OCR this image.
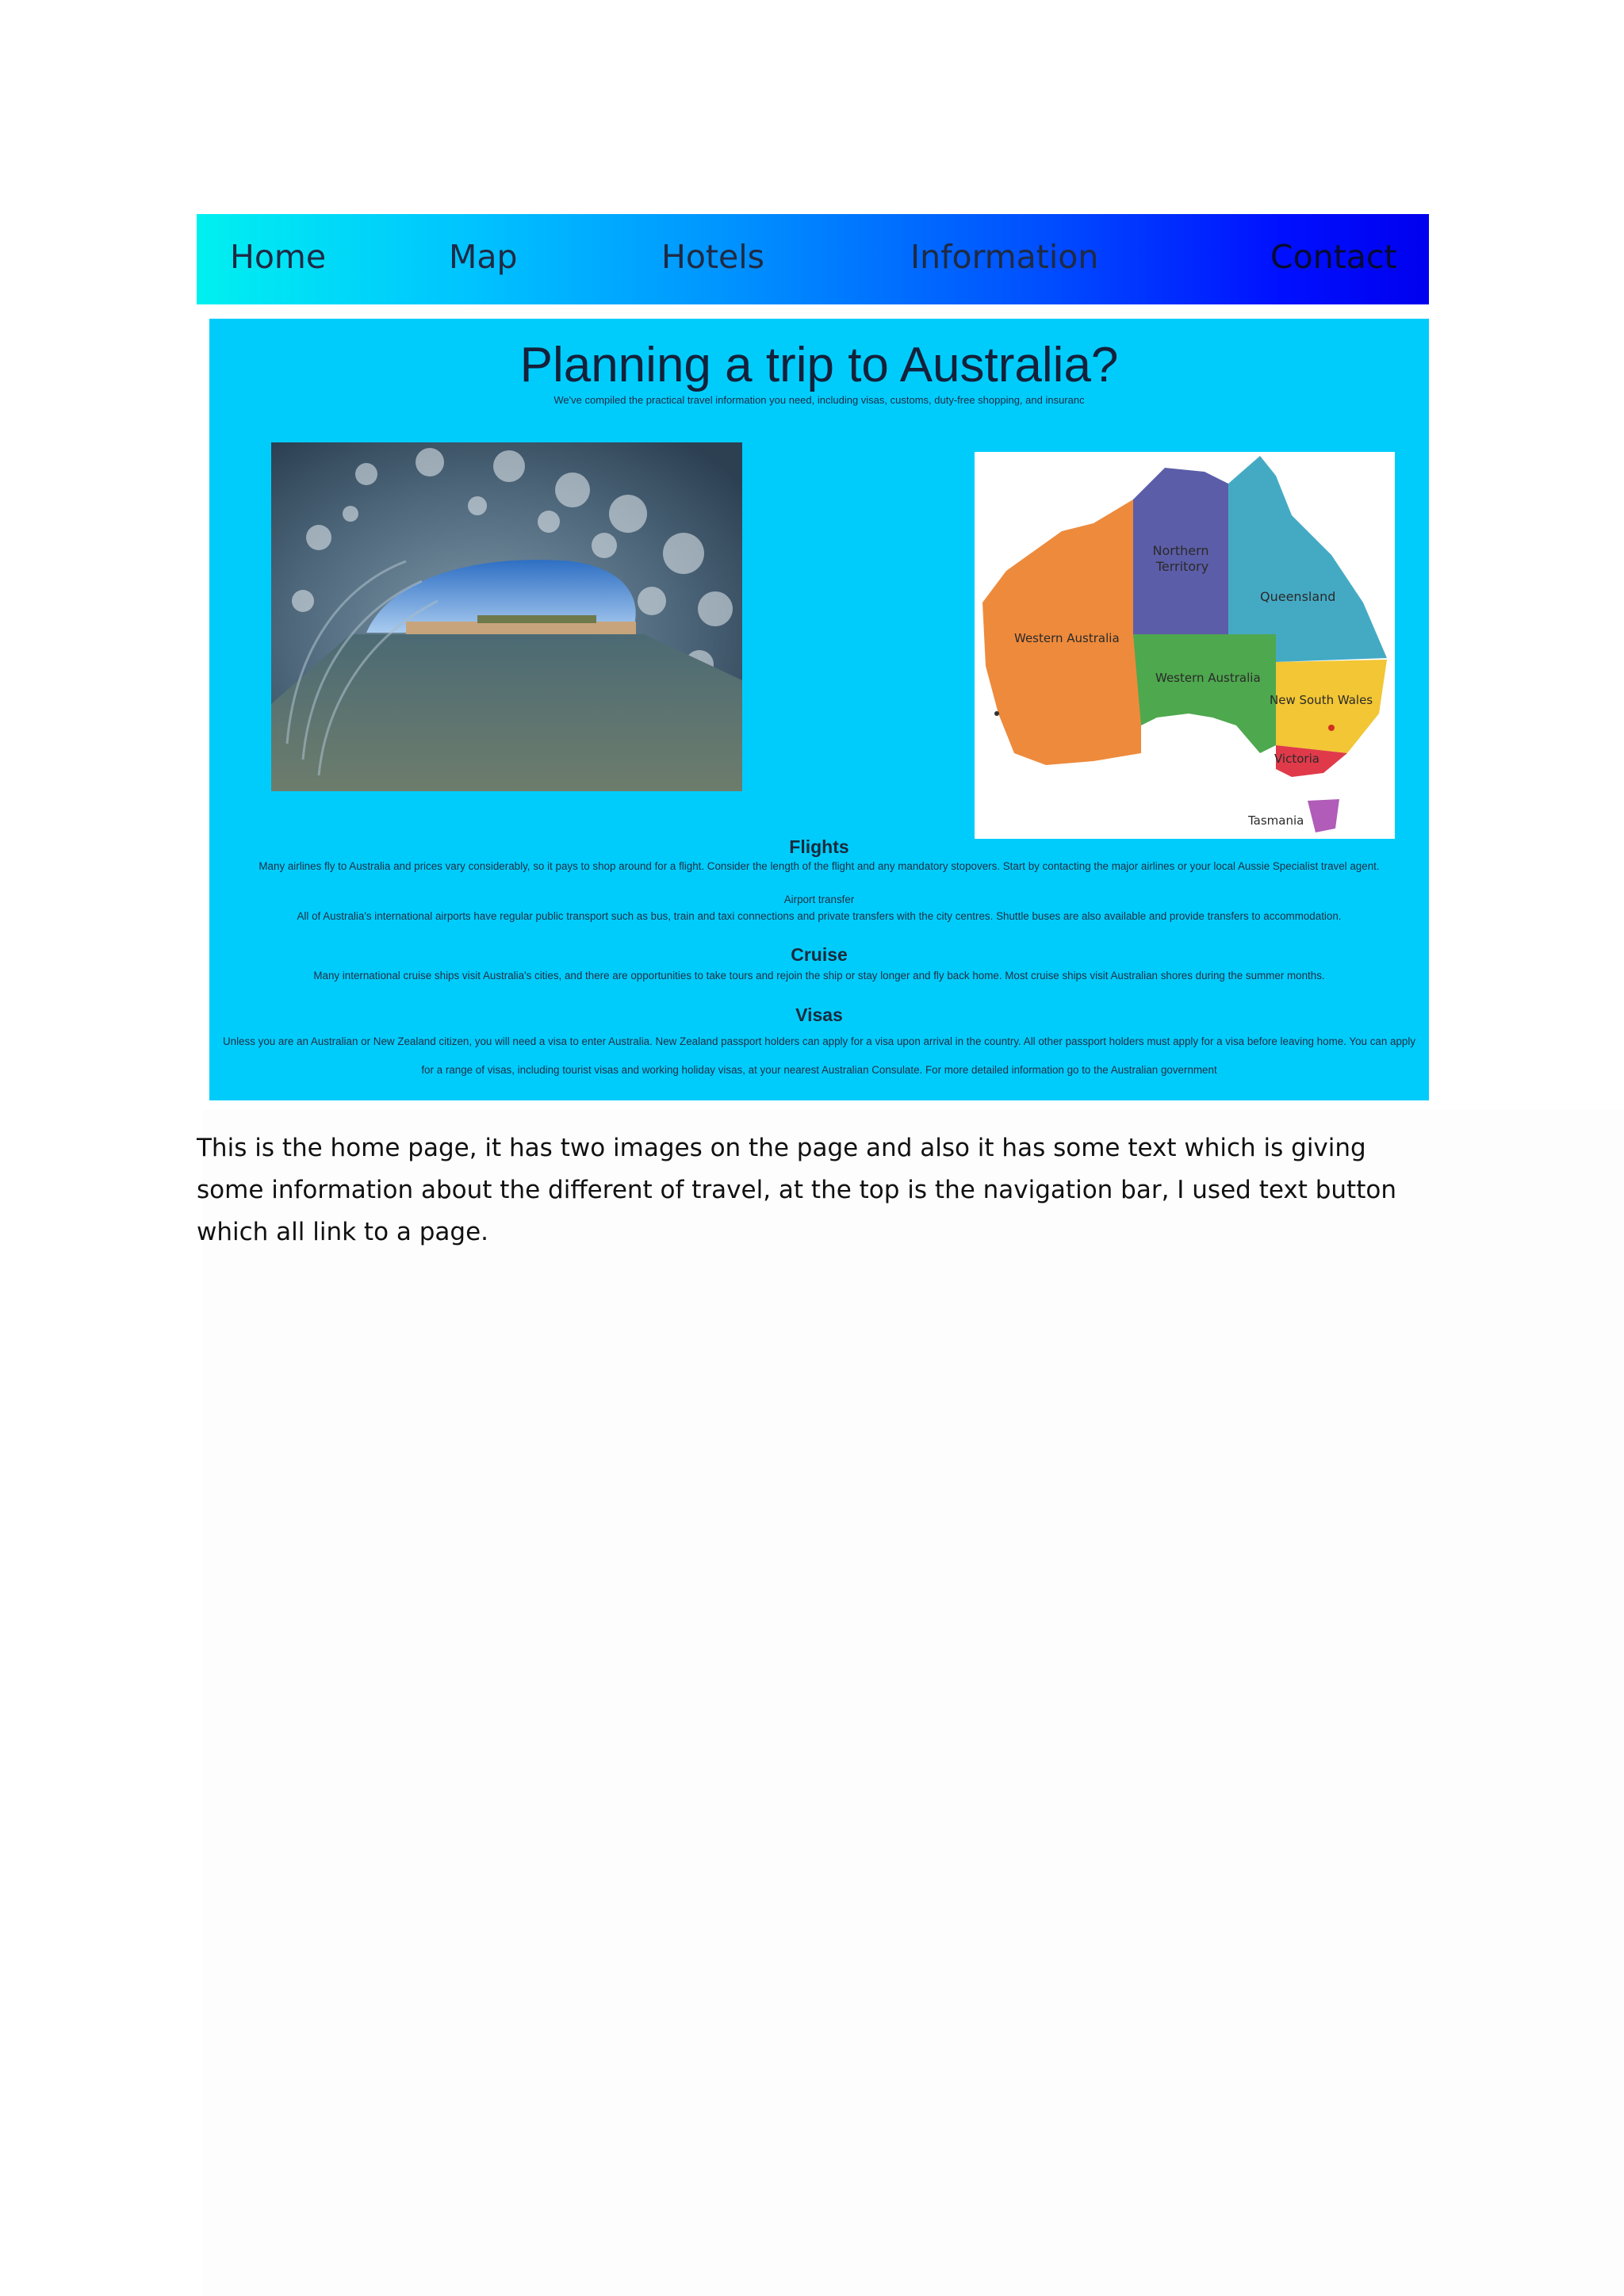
Home	Map	Hotels	Information	Contact
Planning a trip to Australia?
We've compiled the practical travel information you need, including visas, customs, duty-free shopping, and insuranc
Northern
Territory
Queensland
Western Australia
Western Australia
New South Wales
Victoria
Tasmania
Flights
Many airlines fly to Australia and prices vary considerably, so it pays to shop around for a flight. Consider the length of the flight and any mandatory stopovers. Start by contacting the major airlines or your local Aussie Specialist travel agent.
Airport transfer
All of Australia's international airports have regular public transport such as bus, train and taxi connections and private transfers with the city centres. Shuttle buses are also available and provide transfers to accommodation.
Cruise
Many international cruise ships visit Australia's cities, and there are opportunities to take tours and rejoin the ship or stay longer and fly back home. Most cruise ships visit Australian shores during the summer months.
Visas
Unless you are an Australian or New Zealand citizen, you will need a visa to enter Australia. New Zealand passport holders can apply for a visa upon arrival in the country. All other passport holders must apply for a visa before leaving home. You can apply for a range of visas, including tourist visas and working holiday visas, at your nearest Australian Consulate. For more detailed information go to the Australian government
This is the home page, it has two images on the page and also it has some text which is giving some information about the different of travel, at the top is the navigation bar, I used text button which all link to a page.
